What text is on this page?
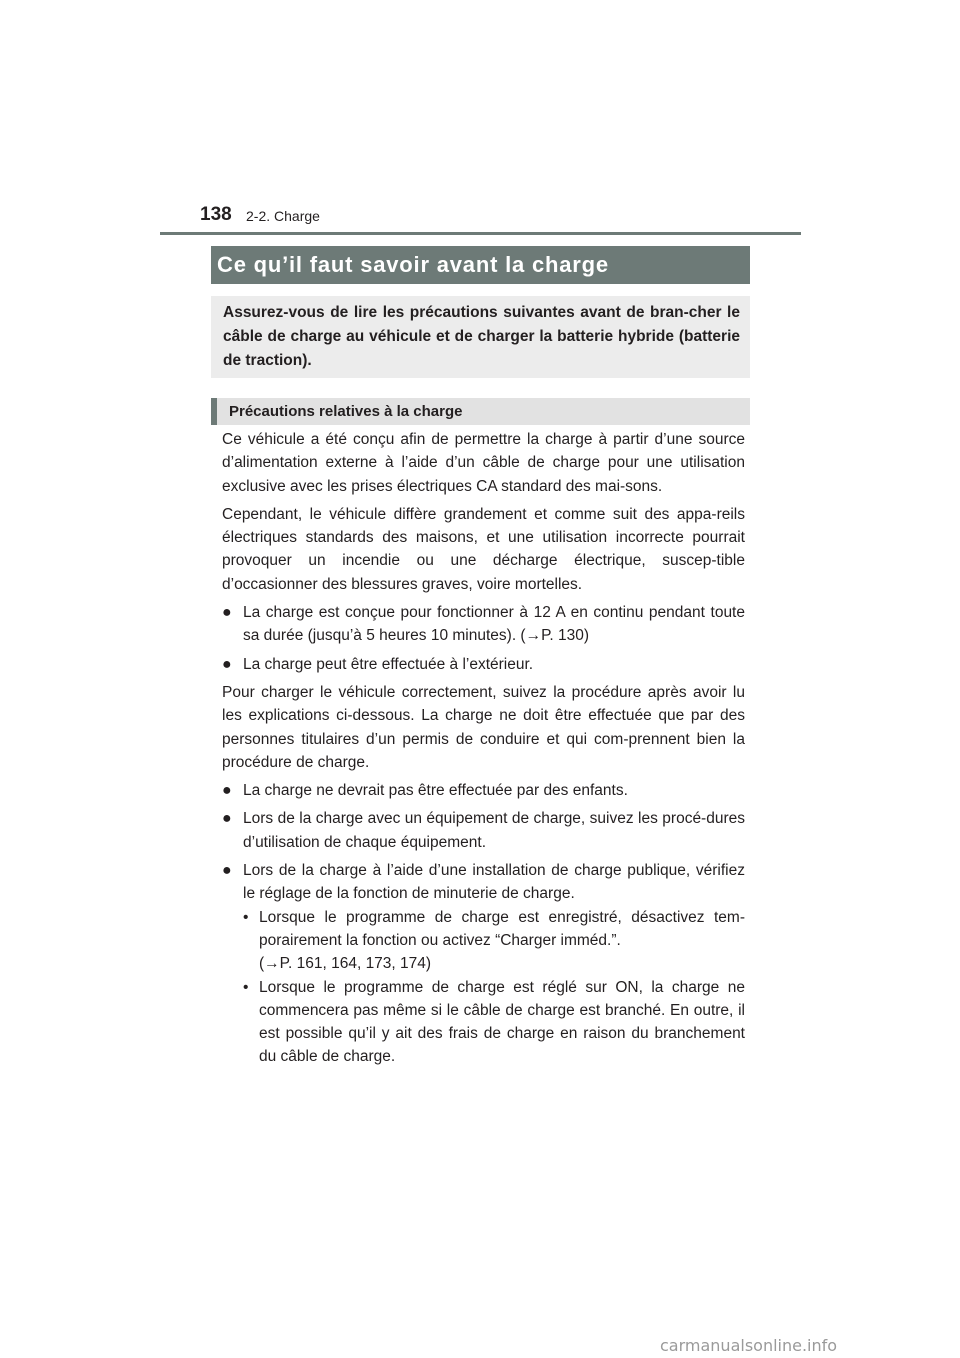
138 2-2. Charge
Ce qu’il faut savoir avant la charge
Assurez-vous de lire les précautions suivantes avant de bran-cher le câble de charge au véhicule et de charger la batterie hybride (batterie de traction).
Précautions relatives à la charge

Ce véhicule a été conçu afin de permettre la charge à partir d’une source d’alimentation externe à l’aide d’un câble de charge pour une utilisation exclusive avec les prises électriques CA standard des mai-sons.

Cependant, le véhicule diffère grandement et comme suit des appa-reils électriques standards des maisons, et une utilisation incorrecte pourrait provoquer un incendie ou une décharge électrique, suscep-tible d’occasionner des blessures graves, voire mortelles.

● La charge est conçue pour fonctionner à 12 A en continu pendant toute sa durée (jusqu’à 5 heures 10 minutes). (→P. 130)
● La charge peut être effectuée à l’extérieur.

Pour charger le véhicule correctement, suivez la procédure après avoir lu les explications ci-dessous. La charge ne doit être effectuée que par des personnes titulaires d’un permis de conduire et qui com-prennent bien la procédure de charge.

● La charge ne devrait pas être effectuée par des enfants.
● Lors de la charge avec un équipement de charge, suivez les procé-dures d’utilisation de chaque équipement.
● Lors de la charge à l’aide d’une installation de charge publique, vérifiez le réglage de la fonction de minuterie de charge.
• Lorsque le programme de charge est enregistré, désactivez tem-porairement la fonction ou activez “Charger imméd.”.
(→P. 161, 164, 173, 174)
• Lorsque le programme de charge est réglé sur ON, la charge ne commencera pas même si le câble de charge est branché. En outre, il est possible qu’il y ait des frais de charge en raison du branchement du câble de charge.
carmanualsonline.info
